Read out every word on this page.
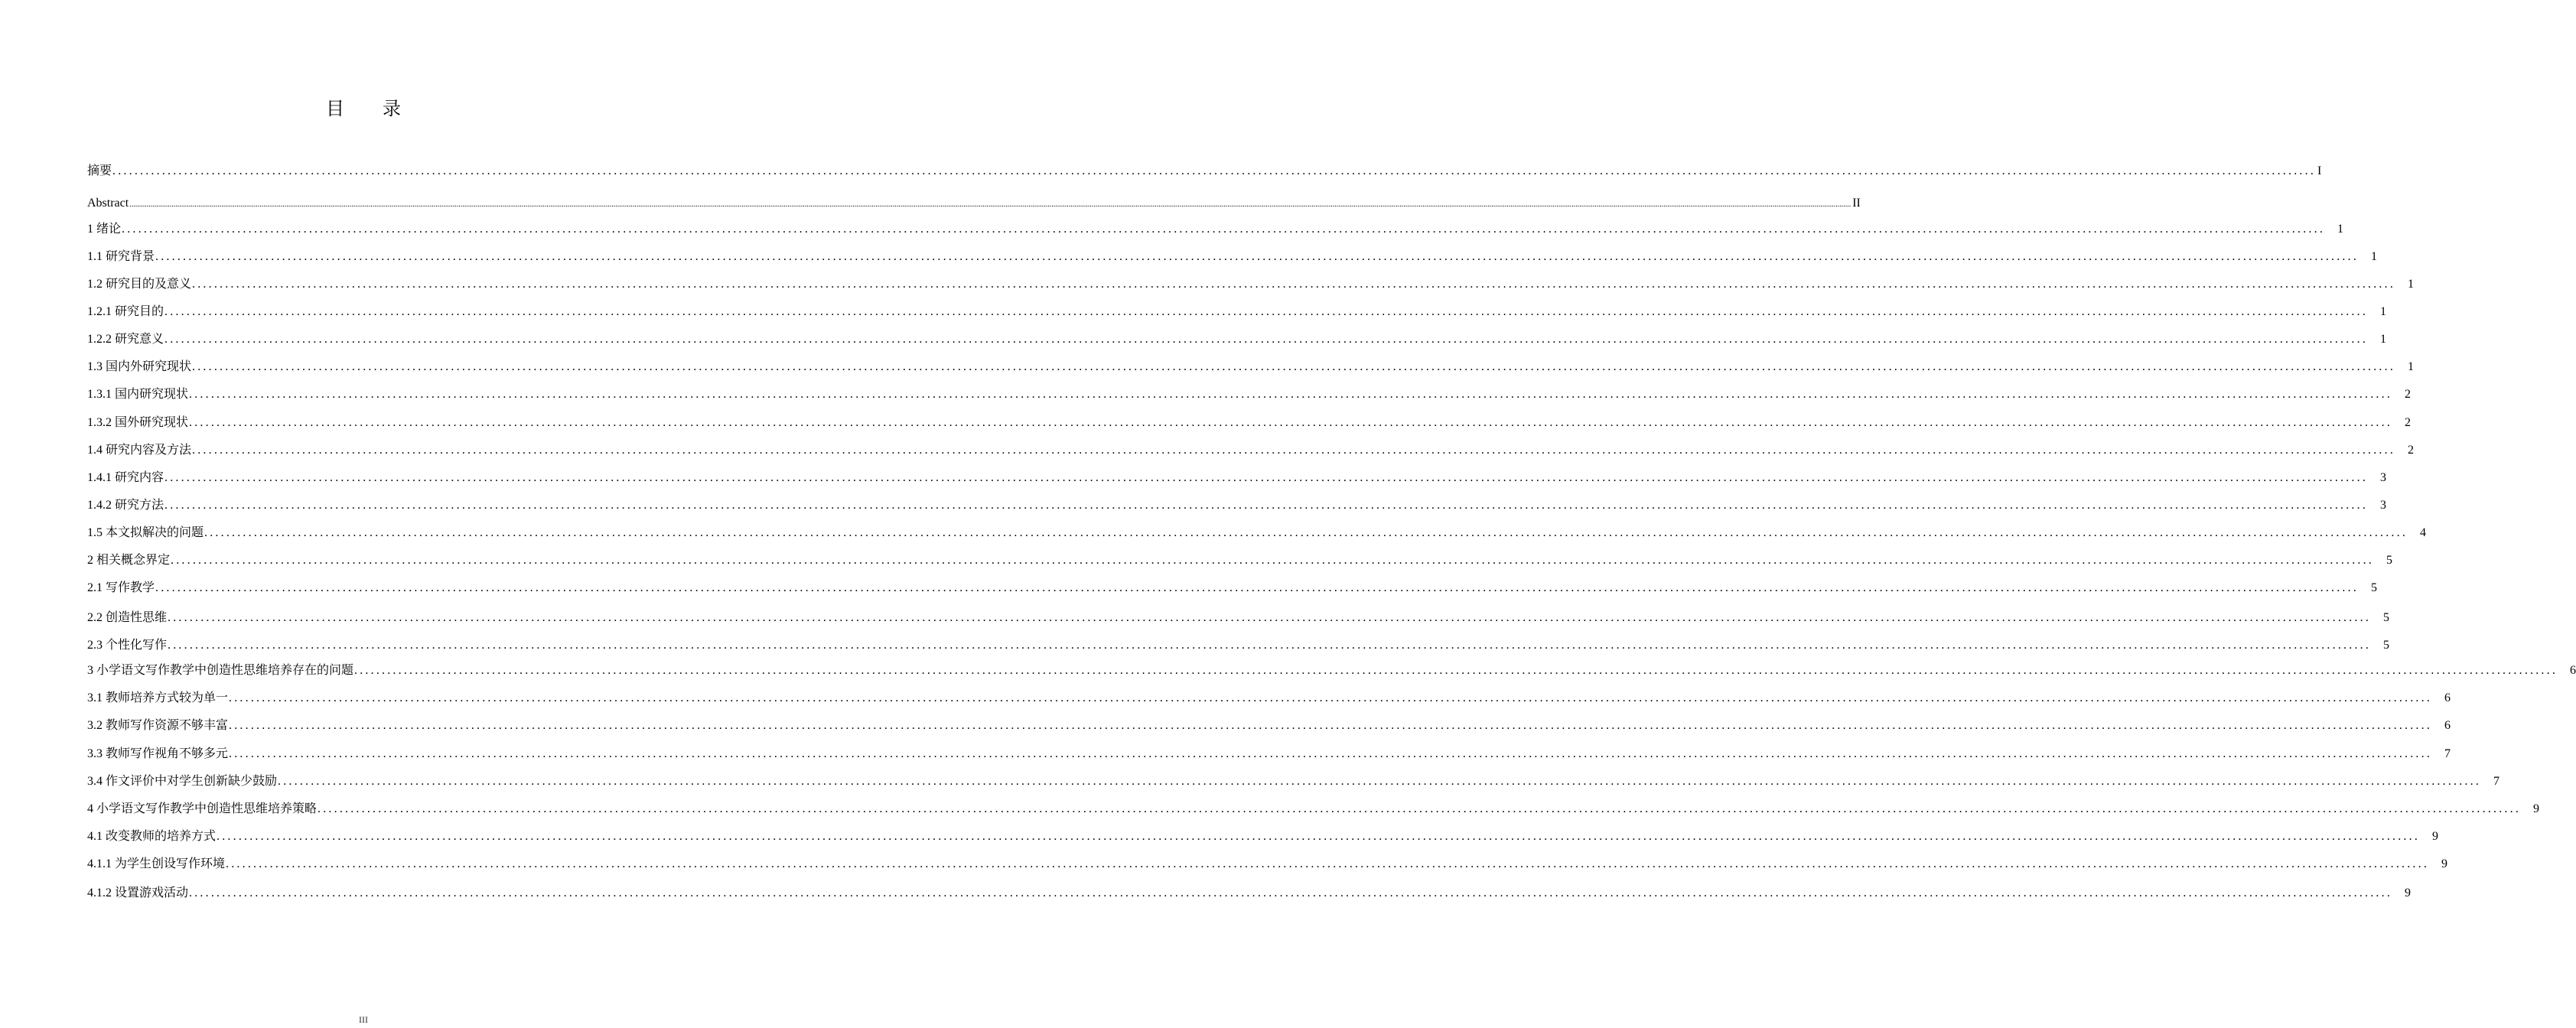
目 录
摘要 ................................................................................................................................................................................................................................................................................................................................................................................................................ I
Abstract .................................................................................................................................................................................................................................................................................................................................................................................................................................................................................................................................................................................................................................................................................................................................................................................................................................................................................................................................... II
1 绪论 ................................................................................................................................................................................................................................................................................................................................................................................................................ 1
1.1 研究背景 ................................................................................................................................................................................................................................................................................................................................................................................................................ 1
1.2 研究目的及意义 ................................................................................................................................................................................................................................................................................................................................................................................................................ 1
1.2.1 研究目的 ................................................................................................................................................................................................................................................................................................................................................................................................................ 1
1.2.2 研究意义 ................................................................................................................................................................................................................................................................................................................................................................................................................ 1
1.3 国内外研究现状 ................................................................................................................................................................................................................................................................................................................................................................................................................ 1
1.3.1 国内研究现状 ................................................................................................................................................................................................................................................................................................................................................................................................................ 2
1.3.2 国外研究现状 ................................................................................................................................................................................................................................................................................................................................................................................................................ 2
1.4 研究内容及方法 ................................................................................................................................................................................................................................................................................................................................................................................................................ 2
1.4.1 研究内容 ................................................................................................................................................................................................................................................................................................................................................................................................................ 3
1.4.2 研究方法 ................................................................................................................................................................................................................................................................................................................................................................................................................ 3
1.5 本文拟解决的问题 ................................................................................................................................................................................................................................................................................................................................................................................................................ 4
2 相关概念界定 ................................................................................................................................................................................................................................................................................................................................................................................................................ 5
2.1 写作教学 ................................................................................................................................................................................................................................................................................................................................................................................................................ 5
2.2 创造性思维 ................................................................................................................................................................................................................................................................................................................................................................................................................ 5
2.3 个性化写作 ................................................................................................................................................................................................................................................................................................................................................................................................................ 5
3 小学语文写作教学中创造性思维培养存在的问题 ................................................................................................................................................................................................................................................................................................................................................................................................................ 6
3.1 教师培养方式较为单一 ................................................................................................................................................................................................................................................................................................................................................................................................................ 6
3.2 教师写作资源不够丰富 ................................................................................................................................................................................................................................................................................................................................................................................................................ 6
3.3 教师写作视角不够多元 ................................................................................................................................................................................................................................................................................................................................................................................................................ 7
3.4 作文评价中对学生创新缺少鼓励 ................................................................................................................................................................................................................................................................................................................................................................................................................ 7
4 小学语文写作教学中创造性思维培养策略 ................................................................................................................................................................................................................................................................................................................................................................................................................ 9
4.1 改变教师的培养方式 ................................................................................................................................................................................................................................................................................................................................................................................................................ 9
4.1.1 为学生创设写作环境 ................................................................................................................................................................................................................................................................................................................................................................................................................ 9
4.1.2 设置游戏活动 ................................................................................................................................................................................................................................................................................................................................................................................................................ 9
III
